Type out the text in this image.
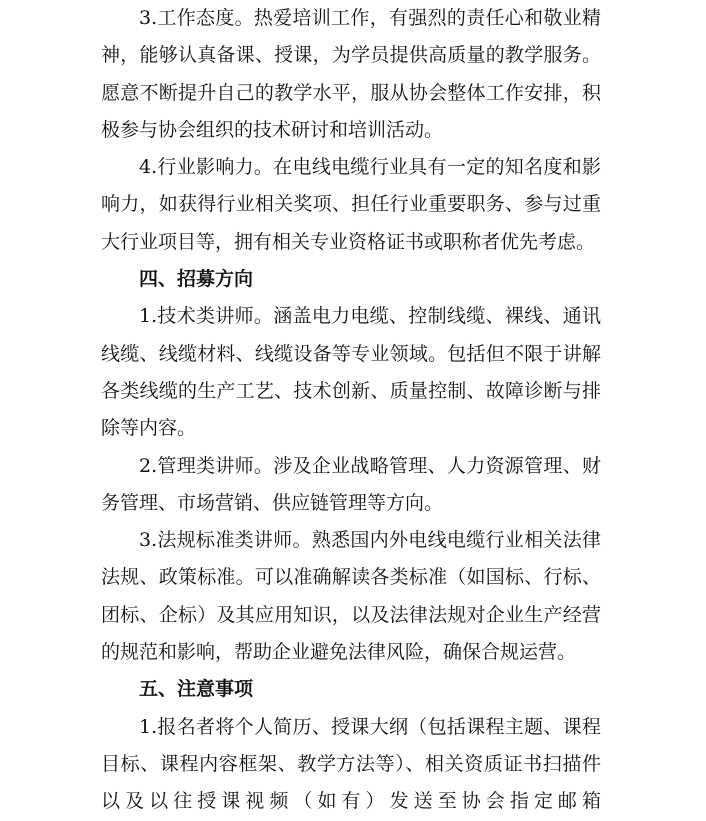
3.工作态度。热爱培训工作，有强烈的责任心和敬业精神，能够认真备课、授课，为学员提供高质量的教学服务。愿意不断提升自己的教学水平，服从协会整体工作安排，积极参与协会组织的技术研讨和培训活动。

4.行业影响力。在电线电缆行业具有一定的知名度和影响力，如获得行业相关奖项、担任行业重要职务、参与过重大行业项目等，拥有相关专业资格证书或职称者优先考虑。

四、招募方向

1.技术类讲师。涵盖电力电缆、控制线缆、裸线、通讯线缆、线缆材料、线缆设备等专业领域。包括但不限于讲解各类线缆的生产工艺、技术创新、质量控制、故障诊断与排除等内容。

2.管理类讲师。涉及企业战略管理、人力资源管理、财务管理、市场营销、供应链管理等方向。

3.法规标准类讲师。熟悉国内外电线电缆行业相关法律法规、政策标准。可以准确解读各类标准（如国标、行标、团标、企标）及其应用知识，以及法律法规对企业生产经营的规范和影响，帮助企业避免法律风险，确保合规运营。

五、注意事项

1.报名者将个人简历、授课大纲（包括课程主题、课程目标、课程内容框架、教学方法等）、相关资质证书扫描件以及以往授课视频（如有）发送至协会指定邮箱
